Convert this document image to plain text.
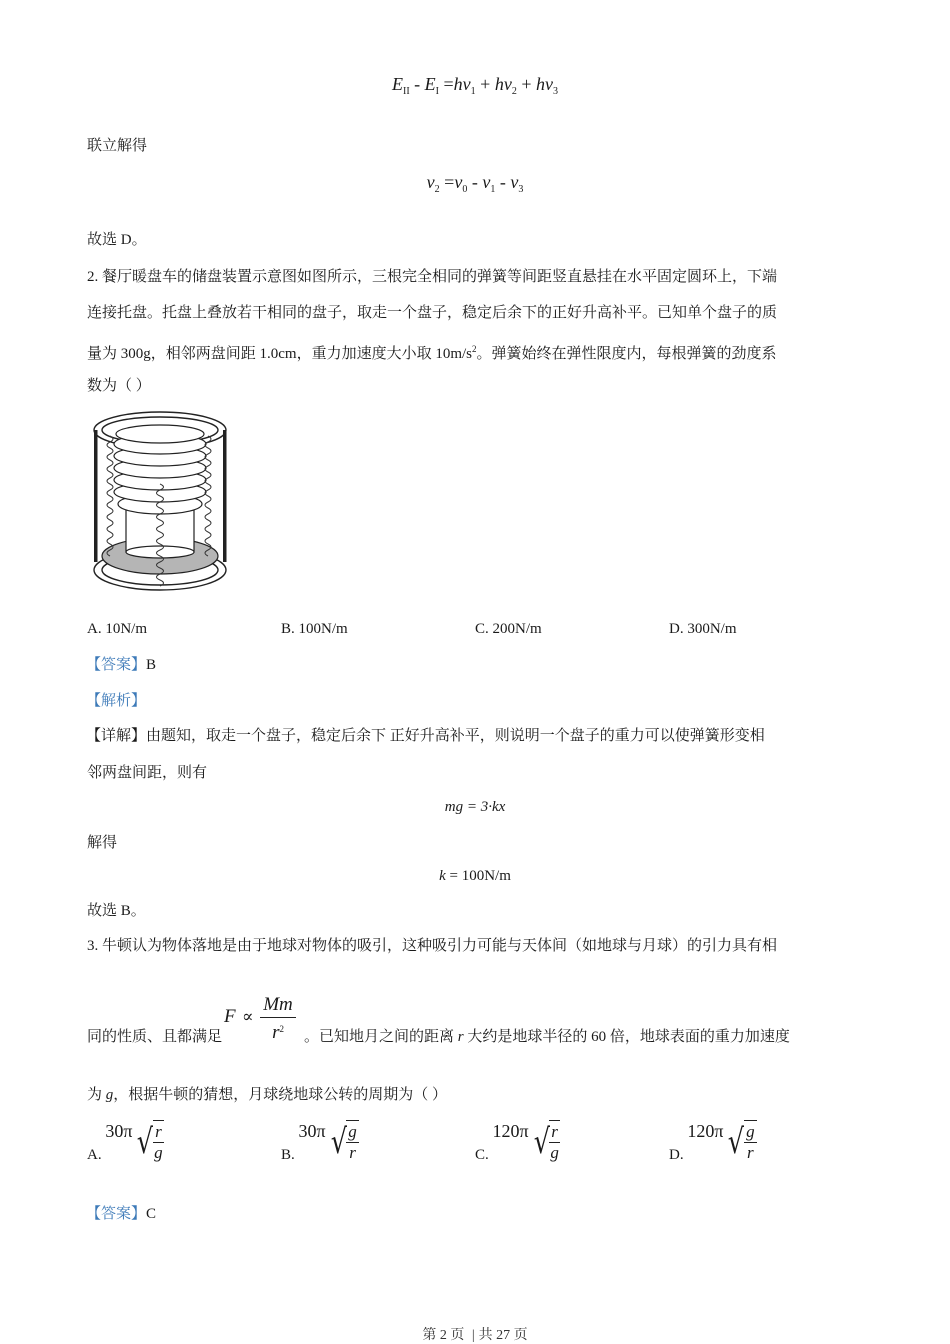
$E_{II} - E_I =h\nu_1 + h\nu_2 + h\nu_3$
联立解得
$\nu_2 =\nu_0 - \nu_1 - \nu_3$
故选 D。
2. 餐厅暖盘车的储盘装置示意图如图所示，三根完全相同的弹簧等间距竖直悬挂在水平固定圆环上，下端
连接托盘。托盘上叠放若干相同的盘子，取走一个盘子，稳定后余下的正好升高补平。已知单个盘子的质
量为 300g，相邻两盘间距 1.0cm，重力加速度大小取 $10m/s^2$。弹簧始终在弹性限度内，每根弹簧的劲度系
数为（ ）
A. 10N/m	B. 100N/m	C. 200N/m	D. 300N/m
【答案】B
【解析】
【详解】由题知，取走一个盘子，稳定后余下 正好升高补平，则说明一个盘子的重力可以使弹簧形变相
邻两盘间距，则有
mg = 3·kx
解得
k = 100N/m
故选 B。
3. 牛顿认为物体落地是由于地球对物体的吸引，这种吸引力可能与天体间（如地球与月球）的引力具有相
同的性质、且都满足
F ∝
Mm
$r^2$	。已知地月之间的距离 r 大约是地球半径的 60 倍，地球表面的重力加速度
为 g，根据牛顿的猜想，月球绕地球公转的周期为（ ）
A. 30π √ $\frac{r}{g}$	B. 30π √ $\frac{g}{r}$	C. 120π √ $\frac{r}{g}$	D. 120π √ $\frac{g}{r}$
【答案】C
第 2 页 | 共 27 页
